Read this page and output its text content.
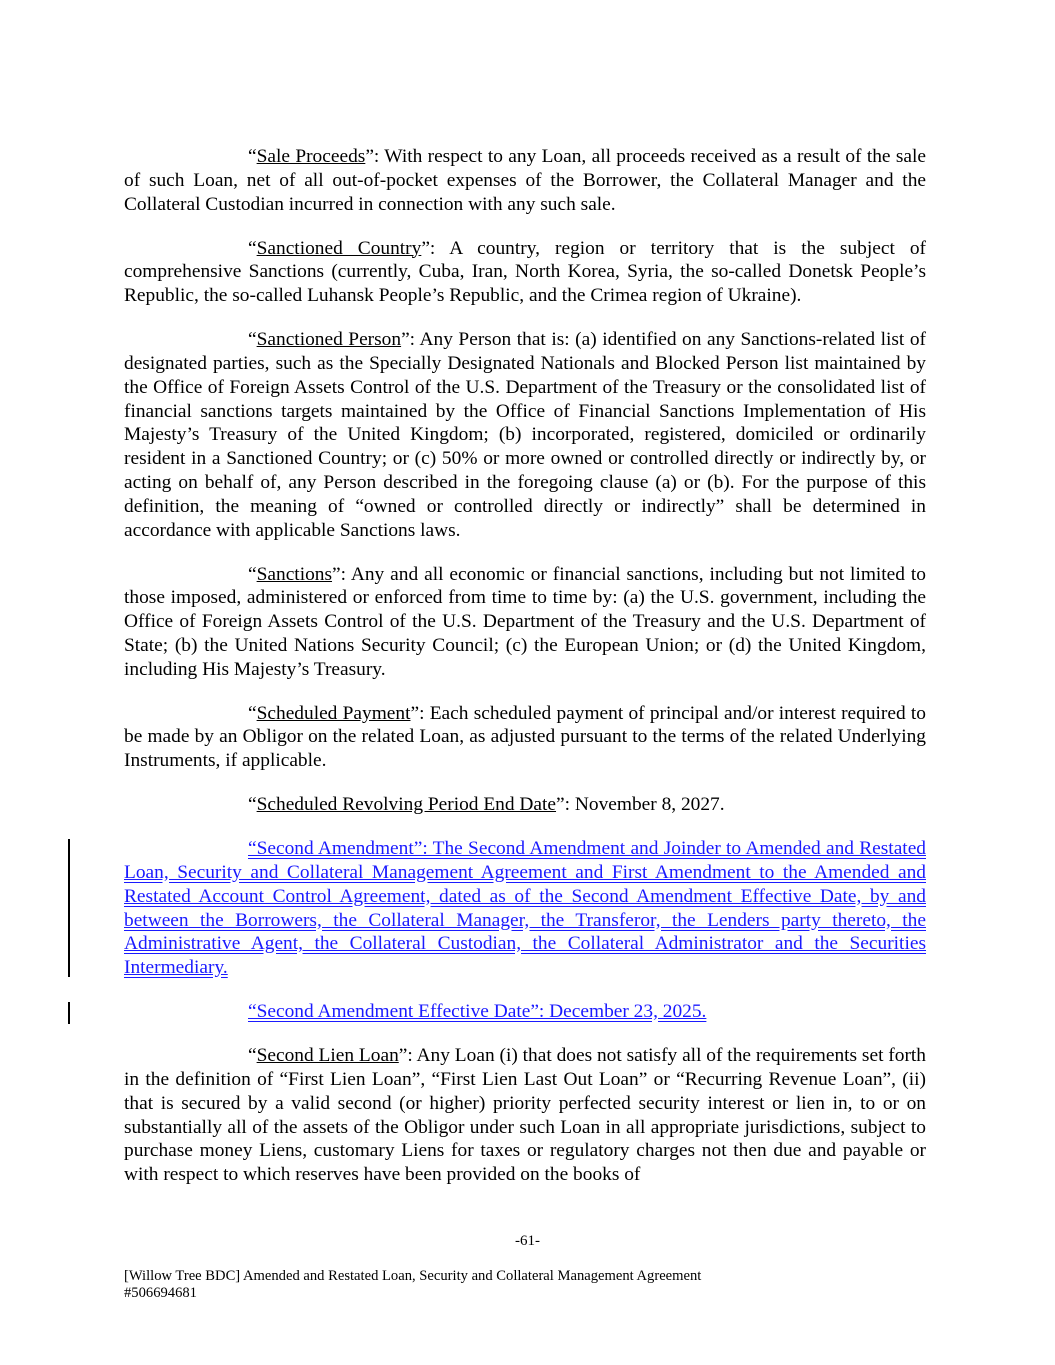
“Sale Proceeds”: With respect to any Loan, all proceeds received as a result of the sale of such Loan, net of all out-of-pocket expenses of the Borrower, the Collateral Manager and the Collateral Custodian incurred in connection with any such sale.

“Sanctioned Country”: A country, region or territory that is the subject of comprehensive Sanctions (currently, Cuba, Iran, North Korea, Syria, the so-called Donetsk People’s Republic, the so-called Luhansk People’s Republic, and the Crimea region of Ukraine).

“Sanctioned Person”: Any Person that is: (a) identified on any Sanctions-related list of designated parties, such as the Specially Designated Nationals and Blocked Person list maintained by the Office of Foreign Assets Control of the U.S. Department of the Treasury or the consolidated list of financial sanctions targets maintained by the Office of Financial Sanctions Implementation of His Majesty’s Treasury of the United Kingdom; (b) incorporated, registered, domiciled or ordinarily resident in a Sanctioned Country; or (c) 50% or more owned or controlled directly or indirectly by, or acting on behalf of, any Person described in the foregoing clause (a) or (b). For the purpose of this definition, the meaning of “owned or controlled directly or indirectly” shall be determined in accordance with applicable Sanctions laws.

“Sanctions”: Any and all economic or financial sanctions, including but not limited to those imposed, administered or enforced from time to time by: (a) the U.S. government, including the Office of Foreign Assets Control of the U.S. Department of the Treasury and the U.S. Department of State; (b) the United Nations Security Council; (c) the European Union; or (d) the United Kingdom, including His Majesty’s Treasury.

“Scheduled Payment”: Each scheduled payment of principal and/or interest required to be made by an Obligor on the related Loan, as adjusted pursuant to the terms of the related Underlying Instruments, if applicable.

“Scheduled Revolving Period End Date”: November 8, 2027.

“Second Amendment”: The Second Amendment and Joinder to Amended and Restated Loan, Security and Collateral Management Agreement and First Amendment to the Amended and Restated Account Control Agreement, dated as of the Second Amendment Effective Date, by and between the Borrowers, the Collateral Manager, the Transferor, the Lenders party thereto, the Administrative Agent, the Collateral Custodian, the Collateral Administrator and the Securities Intermediary.

“Second Amendment Effective Date”: December 23, 2025.

“Second Lien Loan”: Any Loan (i) that does not satisfy all of the requirements set forth in the definition of “First Lien Loan”, “First Lien Last Out Loan” or “Recurring Revenue Loan”, (ii) that is secured by a valid second (or higher) priority perfected security interest or lien in, to or on substantially all of the assets of the Obligor under such Loan in all appropriate jurisdictions, subject to purchase money Liens, customary Liens for taxes or regulatory charges not then due and payable or with respect to which reserves have been provided on the books of

-61-
[Willow Tree BDC] Amended and Restated Loan, Security and Collateral Management Agreement
#506694681
